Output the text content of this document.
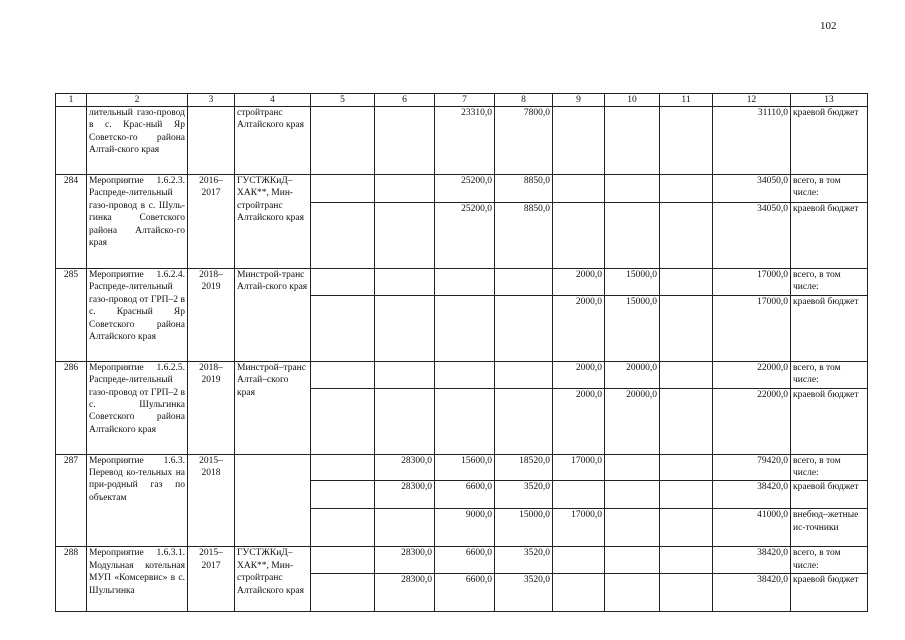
102
1	2	3	4	5	6	7	8	9	10	11	12	13
	лительный газо-провод в с. Крас-ный Яр Советско-го района Алтай-ского края		стройтранс Алтайского края			23310,0	7800,0				31110,0	краевой бюджет
284	Мероприятие 1.6.2.3. Распреде-лительный газо-провод в с. Шуль-гинка Советского района Алтайско-го края	2016–2017	ГУСТЖКиД–ХАК**, Мин-стройтранс Алтайского края			25200,0	8850,0				34050,0	всего, в том числе:
						25200,0	8850,0				34050,0	краевой бюджет
285	Мероприятие 1.6.2.4. Распреде-лительный газо-провод от ГРП–2 в с. Красный Яр Советского района Алтайского края	2018–2019	Минстрой-транс Алтай-ского края					2000,0	15000,0		17000,0	всего, в том числе:
								2000,0	15000,0		17000,0	краевой бюджет
286	Мероприятие 1.6.2.5. Распреде-лительный газо-провод от ГРП–2 в с. Шульгинка Советского района Алтайского края	2018–2019	Минстрой–транс Алтай–ского края					2000,0	20000,0		22000,0	всего, в том числе:
								2000,0	20000,0		22000,0	краевой бюджет
287	Мероприятие 1.6.3. Перевод ко-тельных на при-родный газ по объектам	2015–2018			28300,0	15600,0	18520,0	17000,0			79420,0	всего, в том числе:
					28300,0	6600,0	3520,0				38420,0	краевой бюджет
						9000,0	15000,0	17000,0			41000,0	внебюд–жетные ис-точники
288	Мероприятие 1.6.3.1. Модульная котельная МУП «Комсервис» в с. Шульгинка	2015–2017	ГУСТЖКиД–ХАК**, Мин-стройтранс Алтайского края		28300,0	6600,0	3520,0				38420,0	всего, в том числе:
					28300,0	6600,0	3520,0				38420,0	краевой бюджет
